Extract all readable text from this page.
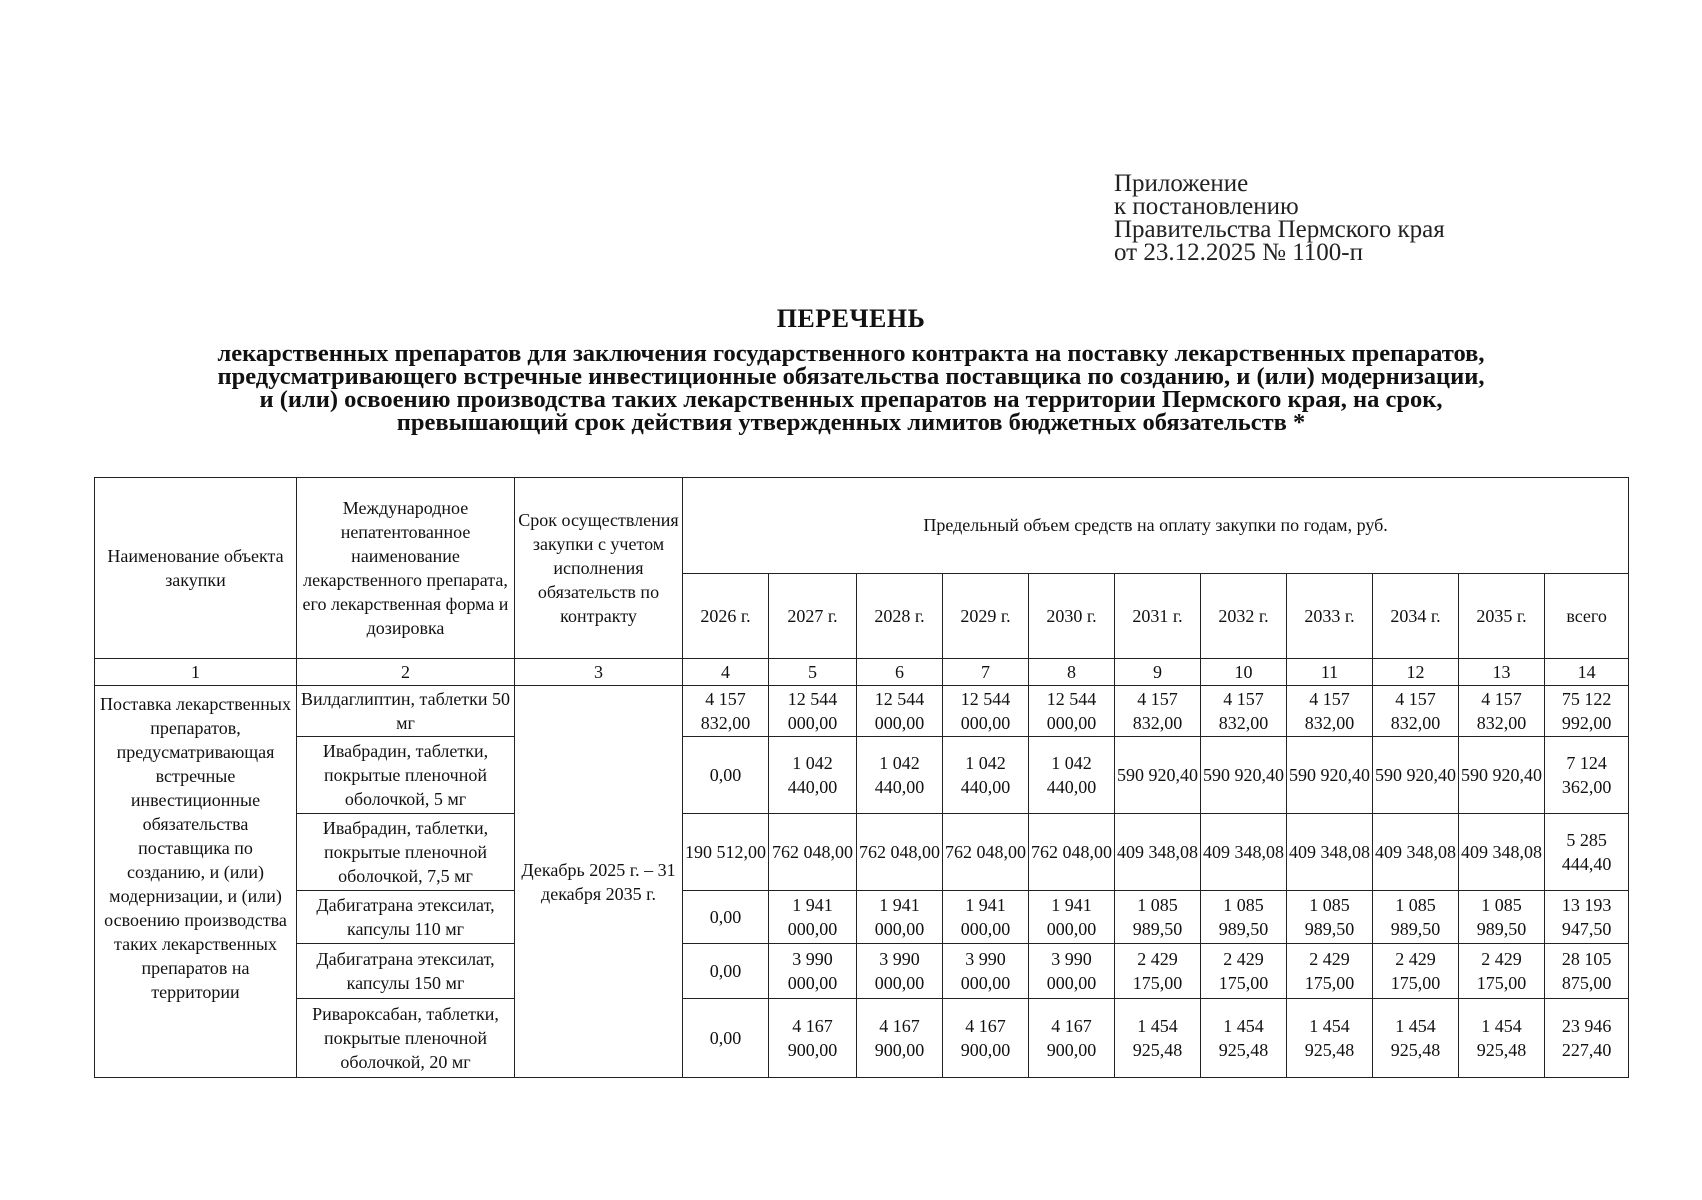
Приложение
к постановлению
Правительства Пермского края
от 23.12.2025 № 1100-п
ПЕРЕЧЕНЬ
лекарственных препаратов для заключения государственного контракта на поставку лекарственных препаратов,
предусматривающего встречные инвестиционные обязательства поставщика по созданию, и (или) модернизации,
и (или) освоению производства таких лекарственных препаратов на территории Пермского края, на срок,
превышающий срок действия утвержденных лимитов бюджетных обязательств *
Наименование объекта закупки	Международное непатентованное наименование лекарственного препарата, его лекарственная форма и дозировка	Срок осуществления закупки с учетом исполнения обязательств по контракту	Предельный объем средств на оплату закупки по годам, руб.										
			2026 г.	2027 г.	2028 г.	2029 г.	2030 г.	2031 г.	2032 г.	2033 г.	2034 г.	2035 г.	всего
1	2	3	4	5	6	7	8	9	10	11	12	13	14
Поставка лекарственных препаратов, предусматривающая встречные инвестиционные обязательства поставщика по созданию, и (или) модернизации, и (или) освоению производства таких лекарственных препаратов на территории	Вилдаглиптин, таблетки 50 мг	Декабрь 2025 г. – 31 декабря 2035 г.	4 157 832,00	12 544 000,00	12 544 000,00	12 544 000,00	12 544 000,00	4 157 832,00	4 157 832,00	4 157 832,00	4 157 832,00	4 157 832,00	75 122 992,00
	Ивабрадин, таблетки, покрытые пленочной оболочкой, 5 мг		0,00	1 042 440,00	1 042 440,00	1 042 440,00	1 042 440,00	590 920,40	590 920,40	590 920,40	590 920,40	590 920,40	7 124 362,00
	Ивабрадин, таблетки, покрытые пленочной оболочкой, 7,5 мг		190 512,00	762 048,00	762 048,00	762 048,00	762 048,00	409 348,08	409 348,08	409 348,08	409 348,08	409 348,08	5 285 444,40
	Дабигатрана этексилат, капсулы 110 мг		0,00	1 941 000,00	1 941 000,00	1 941 000,00	1 941 000,00	1 085 989,50	1 085 989,50	1 085 989,50	1 085 989,50	1 085 989,50	13 193 947,50
	Дабигатрана этексилат, капсулы 150 мг		0,00	3 990 000,00	3 990 000,00	3 990 000,00	3 990 000,00	2 429 175,00	2 429 175,00	2 429 175,00	2 429 175,00	2 429 175,00	28 105 875,00
	Ривароксабан, таблетки, покрытые пленочной оболочкой, 20 мг		0,00	4 167 900,00	4 167 900,00	4 167 900,00	4 167 900,00	1 454 925,48	1 454 925,48	1 454 925,48	1 454 925,48	1 454 925,48	23 946 227,40
